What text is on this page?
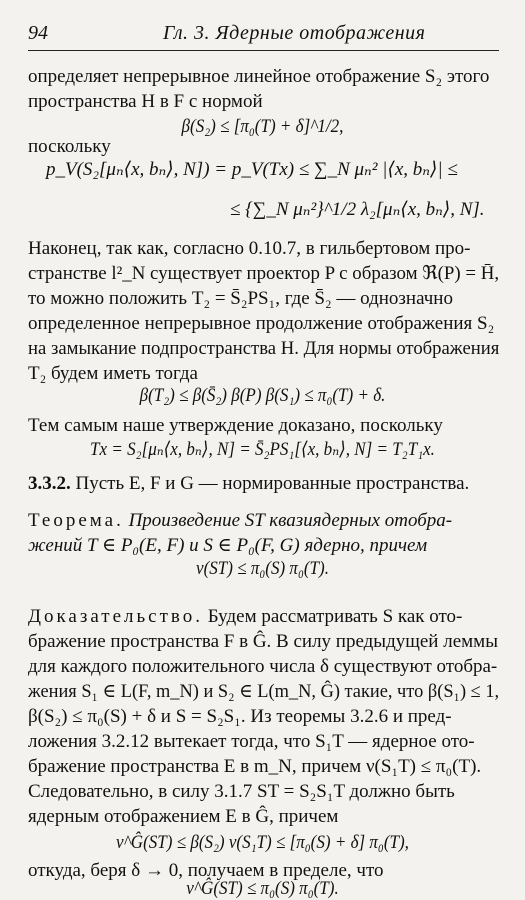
94	Гл. 3. Ядерные отображения
определяет непрерывное линейное отображение S₂ этого
пространства H в F с нормой
β(S₂) ≤ [π₀(T) + δ]^1/2,
поскольку
p_V(S₂[μₙ⟨x, bₙ⟩, N]) = p_V(Tx) ≤ ∑_N μₙ² |⟨x, bₙ⟩| ≤
≤ {∑_N μₙ²}^1/2 λ₂[μₙ⟨x, bₙ⟩, N].
Наконец, так как, согласно 0.10.7, в гильбертовом про-
странстве l²_N существует проектор P с образом ℜ(P) = H̄,
то можно положить T₂ = S̄₂PS₁, где S̄₂ — однозначно
определенное непрерывное продолжение отображения S₂
на замыкание подпространства H. Для нормы отображения
T₂ будем иметь тогда
β(T₂) ≤ β(S̄₂) β(P) β(S₁) ≤ π₀(T) + δ.
Тем самым наше утверждение доказано, поскольку
Tx = S₂[μₙ⟨x, bₙ⟩, N] = S̄₂PS₁[⟨x, bₙ⟩, N] = T₂T₁x.
3.3.2. Пусть E, F и G — нормированные пространства.
Теорема. Произведение ST квазиядерных отобра-
жений T ∈ P₀(E, F) и S ∈ P₀(F, G) ядерно, причем
ν(ST) ≤ π₀(S) π₀(T).
Доказательство. Будем рассматривать S как ото-
бражение пространства F в Ĝ. В силу предыдущей леммы
для каждого положительного числа δ существуют отобра-
жения S₁ ∈ L(F, m_N) и S₂ ∈ L(m_N, Ĝ) такие, что β(S₁) ≤ 1,
β(S₂) ≤ π₀(S) + δ и S = S₂S₁. Из теоремы 3.2.6 и пред-
ложения 3.2.12 вытекает тогда, что S₁T — ядерное ото-
бражение пространства E в m_N, причем ν(S₁T) ≤ π₀(T).
Следовательно, в силу 3.1.7 ST = S₂S₁T должно быть
ядерным отображением E в Ĝ, причем
ν^Ĝ(ST) ≤ β(S₂) ν(S₁T) ≤ [π₀(S) + δ] π₀(T),
откуда, беря δ → 0, получаем в пределе, что
ν^Ĝ(ST) ≤ π₀(S) π₀(T).
